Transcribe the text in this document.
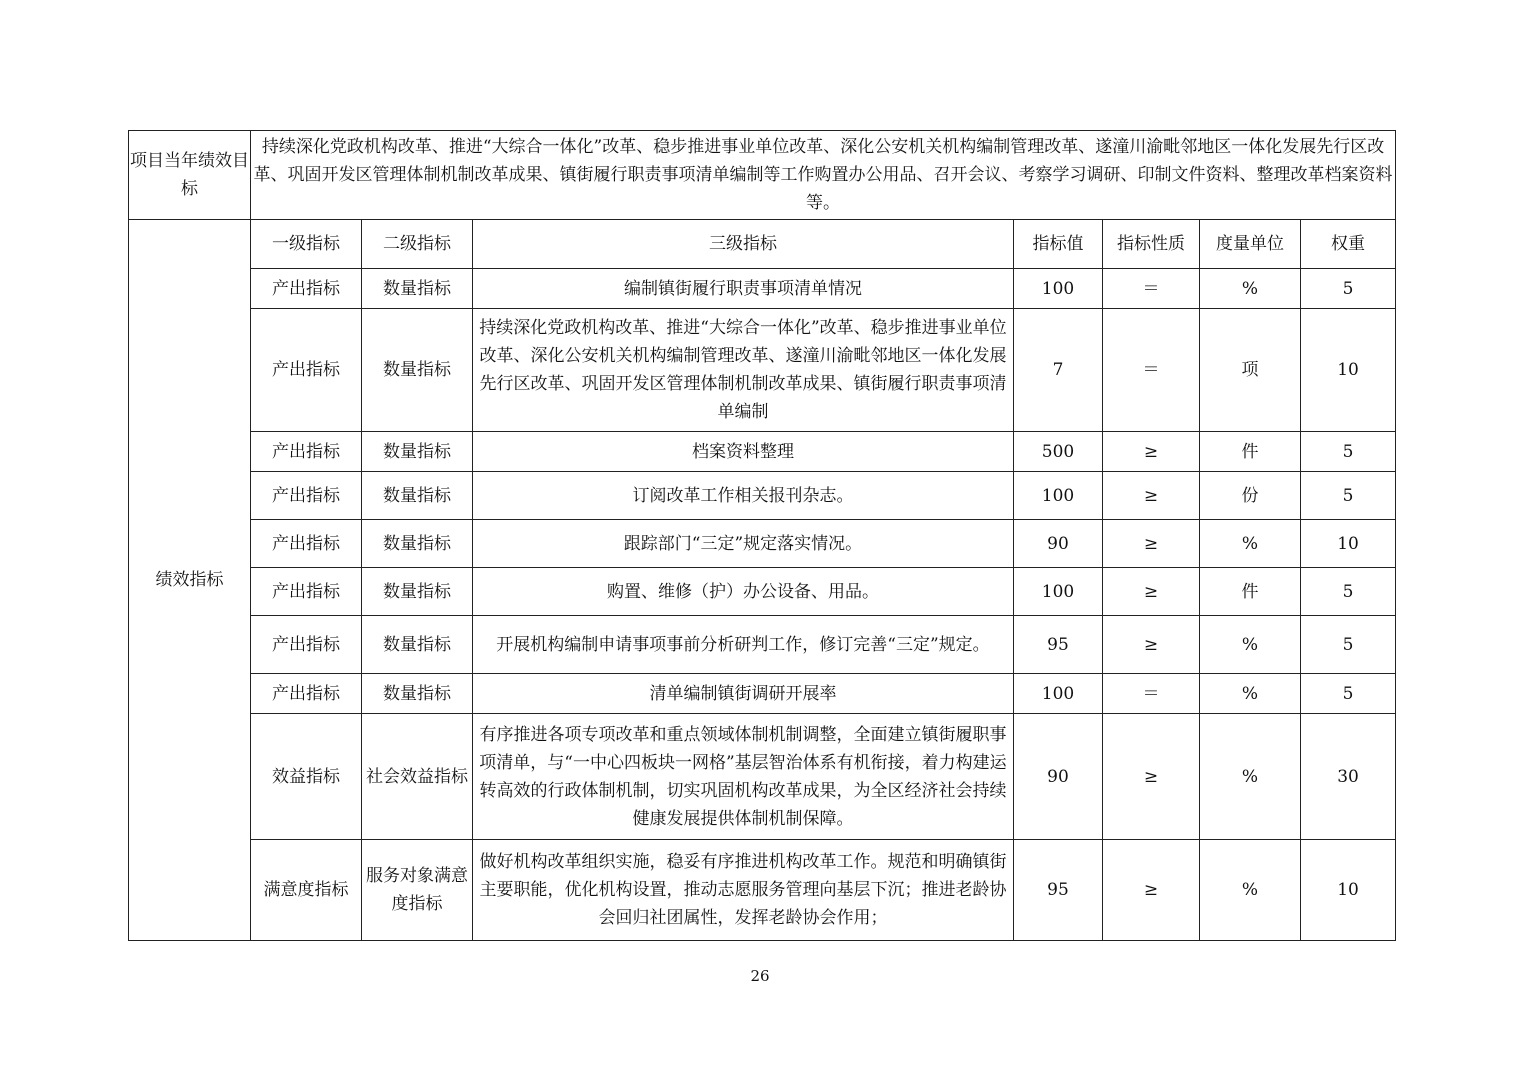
项目当年绩效目标	持续深化党政机构改革、推进“大综合一体化”改革、稳步推进事业单位改革、深化公安机关机构编制管理改革、遂潼川渝毗邻地区一体化发展先行区改革、巩固开发区管理体制机制改革成果、镇街履行职责事项清单编制等工作购置办公用品、召开会议、考察学习调研、印制文件资料、整理改革档案资料等。						
绩效指标	一级指标	二级指标	三级指标	指标值	指标性质	度量单位	权重
	产出指标	数量指标	编制镇街履行职责事项清单情况	100	＝	%	5
	产出指标	数量指标	持续深化党政机构改革、推进“大综合一体化”改革、稳步推进事业单位改革、深化公安机关机构编制管理改革、遂潼川渝毗邻地区一体化发展先行区改革、巩固开发区管理体制机制改革成果、镇街履行职责事项清单编制	7	＝	项	10
	产出指标	数量指标	档案资料整理	500	≥	件	5
	产出指标	数量指标	订阅改革工作相关报刊杂志。	100	≥	份	5
	产出指标	数量指标	跟踪部门“三定”规定落实情况。	90	≥	%	10
	产出指标	数量指标	购置、维修（护）办公设备、用品。	100	≥	件	5
	产出指标	数量指标	开展机构编制申请事项事前分析研判工作，修订完善“三定”规定。	95	≥	%	5
	产出指标	数量指标	清单编制镇街调研开展率	100	＝	%	5
	效益指标	社会效益指标	有序推进各项专项改革和重点领域体制机制调整，全面建立镇街履职事项清单，与“一中心四板块一网格”基层智治体系有机衔接，着力构建运转高效的行政体制机制，切实巩固机构改革成果，为全区经济社会持续健康发展提供体制机制保障。	90	≥	%	30
	满意度指标	服务对象满意度指标	做好机构改革组织实施，稳妥有序推进机构改革工作。规范和明确镇街主要职能，优化机构设置，推动志愿服务管理向基层下沉；推进老龄协会回归社团属性，发挥老龄协会作用；	95	≥	%	10
26
